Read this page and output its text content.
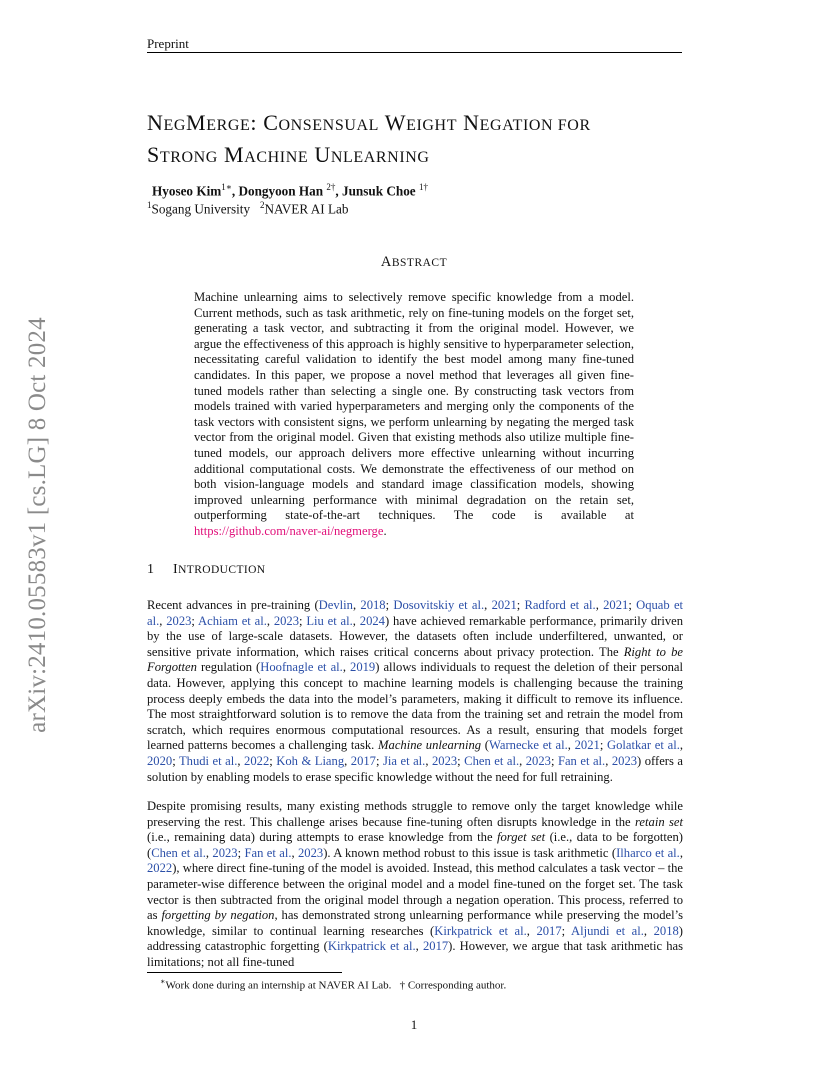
Preprint
arXiv:2410.05583v1 [cs.LG] 8 Oct 2024
NEGMERGE: CONSENSUAL WEIGHT NEGATION FOR
STRONG MACHINE UNLEARNING
Hyoseo Kim$^{1∗}$, Dongyoon Han $^{2\dagger}$, Junsuk Choe $^{1\dagger}$
$^1$Sogang University $^2$NAVER AI Lab
ABSTRACT
Machine unlearning aims to selectively remove specific knowledge from a model. Current methods, such as task arithmetic, rely on fine-tuning models on the forget set, generating a task vector, and subtracting it from the original model. However, we argue the effectiveness of this approach is highly sensitive to hyperparameter selection, necessitating careful validation to identify the best model among many fine-tuned candidates. In this paper, we propose a novel method that leverages all given fine-tuned models rather than selecting a single one. By constructing task vectors from models trained with varied hyperparameters and merging only the components of the task vectors with consistent signs, we perform unlearning by negating the merged task vector from the original model. Given that existing methods also utilize multiple fine-tuned models, our approach delivers more effective unlearning without incurring additional computational costs. We demonstrate the effectiveness of our method on both vision-language models and standard image classification models, showing improved unlearning performance with minimal degradation on the retain set, outperforming state-of-the-art techniques. The code is available at https://github.com/naver-ai/negmerge.
1 INTRODUCTION
Recent advances in pre-training (Devlin, 2018; Dosovitskiy et al., 2021; Radford et al., 2021; Oquab et al., 2023; Achiam et al., 2023; Liu et al., 2024) have achieved remarkable performance, primarily driven by the use of large-scale datasets. However, the datasets often include underfiltered, unwanted, or sensitive private information, which raises critical concerns about privacy protection. The Right to be Forgotten regulation (Hoofnagle et al., 2019) allows individuals to request the deletion of their personal data. However, applying this concept to machine learning models is challenging because the training process deeply embeds the data into the model’s parameters, making it difficult to remove its influence. The most straightforward solution is to remove the data from the training set and retrain the model from scratch, which requires enormous computational resources. As a result, ensuring that models forget learned patterns becomes a challenging task. Machine unlearning (Warnecke et al., 2021; Golatkar et al., 2020; Thudi et al., 2022; Koh & Liang, 2017; Jia et al., 2023; Chen et al., 2023; Fan et al., 2023) offers a solution by enabling models to erase specific knowledge without the need for full retraining.
Despite promising results, many existing methods struggle to remove only the target knowledge while preserving the rest. This challenge arises because fine-tuning often disrupts knowledge in the retain set (i.e., remaining data) during attempts to erase knowledge from the forget set (i.e., data to be forgotten) (Chen et al., 2023; Fan et al., 2023). A known method robust to this issue is task arithmetic (Ilharco et al., 2022), where direct fine-tuning of the model is avoided. Instead, this method calculates a task vector – the parameter-wise difference between the original model and a model fine-tuned on the forget set. The task vector is then subtracted from the original model through a negation operation. This process, referred to as forgetting by negation, has demonstrated strong unlearning performance while preserving the model’s knowledge, similar to continual learning researches (Kirkpatrick et al., 2017; Aljundi et al., 2018) addressing catastrophic forgetting (Kirkpatrick et al., 2017). However, we argue that task arithmetic has limitations; not all fine-tuned
∗Work done during an internship at NAVER AI Lab. † Corresponding author.
1
